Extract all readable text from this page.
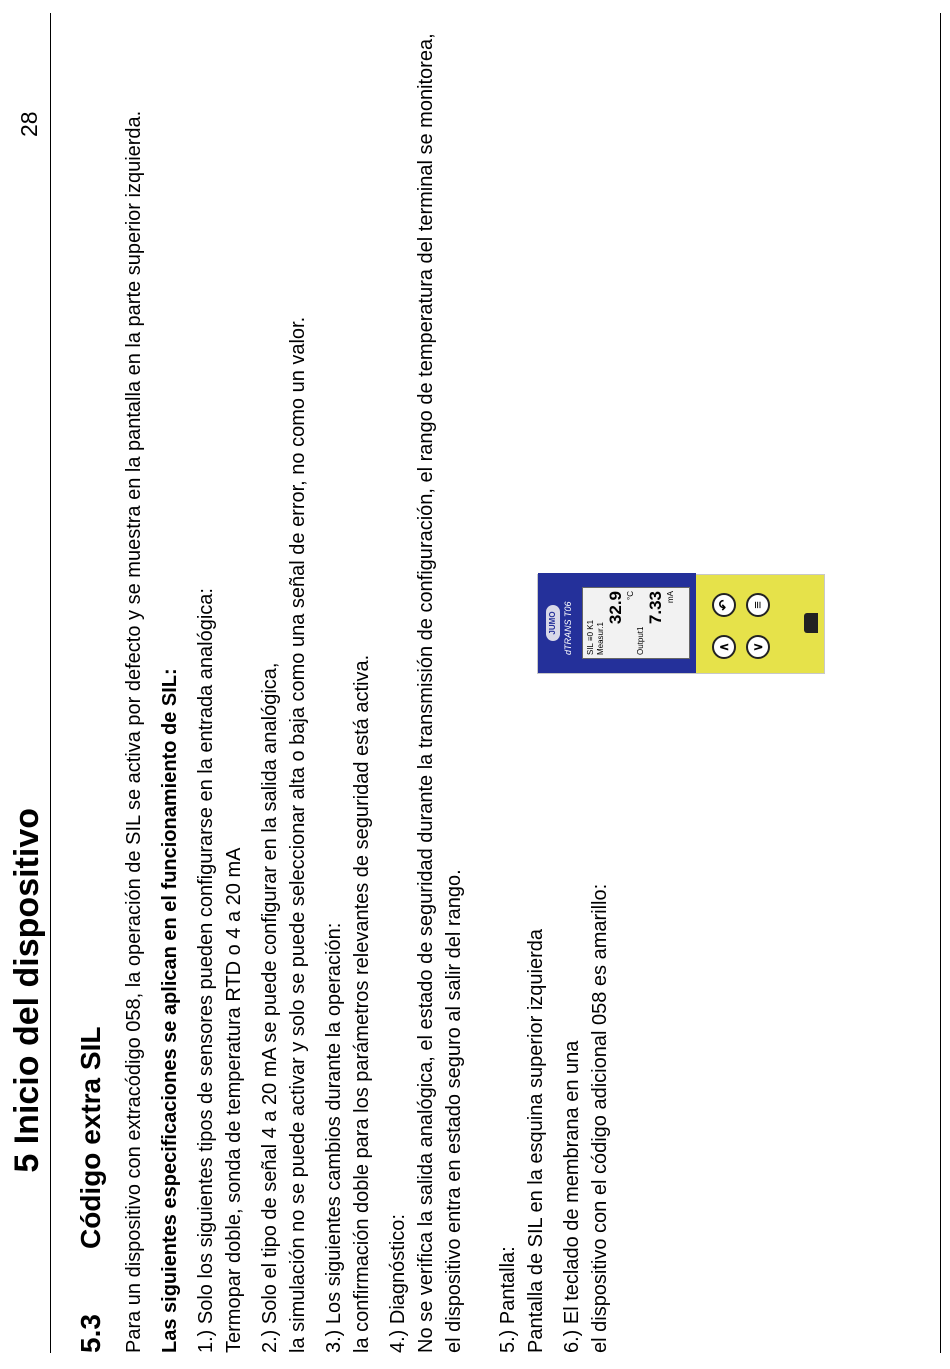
5 Inicio del dispositivo
28
5.3
Código extra SIL Para un dispositivo con extracódigo 058, la operación de SIL se activa por defecto y se muestra en la pantalla en la parte superior izquierda. Las siguientes especificaciones se aplican en el funcionamiento de SIL: 1.) Solo los siguientes tipos de sensores pueden configurarse en la entrada analógica: Termopar doble, sonda de temperatura RTD o 4 a 20 mA 2.) Solo el tipo de señal 4 a 20 mA se puede configurar en la salida analógica, la simulación no se puede activar y solo se puede seleccionar alta o baja como una señal de error, no como un valor. 3.) Los siguientes cambios durante la operación: la confirmación doble para los parámetros relevantes de seguridad está activa. 4.) Diagnóstico: No se verifica la salida analógica, el estado de seguridad durante la transmisión de configuración, el rango de temperatura del terminal se monitorea, el dispositivo entra en estado seguro al salir del rango. 5.) Pantalla: Pantalla de SIL en la esquina superior izquierda 6.) El teclado de membrana en una el dispositivo con el código adicional 058 es amarillo:
JUMO dTRANS T06 SIL ≡0 K1 Measur.1
32.9 °C
Output1
7.33 mA
∧	∨
↶	≡
